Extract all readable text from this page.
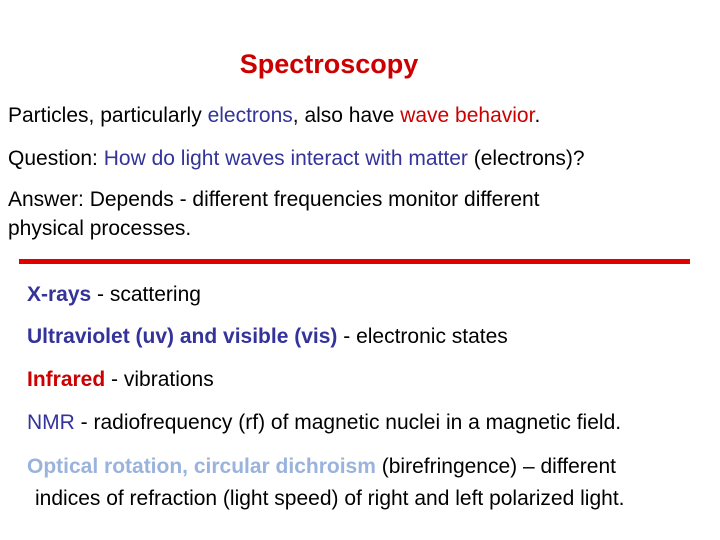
Spectroscopy
Particles, particularly electrons, also have wave behavior.
Question: How do light waves interact with matter (electrons)?
Answer: Depends - different frequencies monitor different
physical processes.
X-rays - scattering
Ultraviolet (uv) and visible (vis) - electronic states
Infrared - vibrations
NMR - radiofrequency (rf) of magnetic nuclei in a magnetic field.
Optical rotation, circular dichroism (birefringence) – different
indices of refraction (light speed) of right and left polarized light.
